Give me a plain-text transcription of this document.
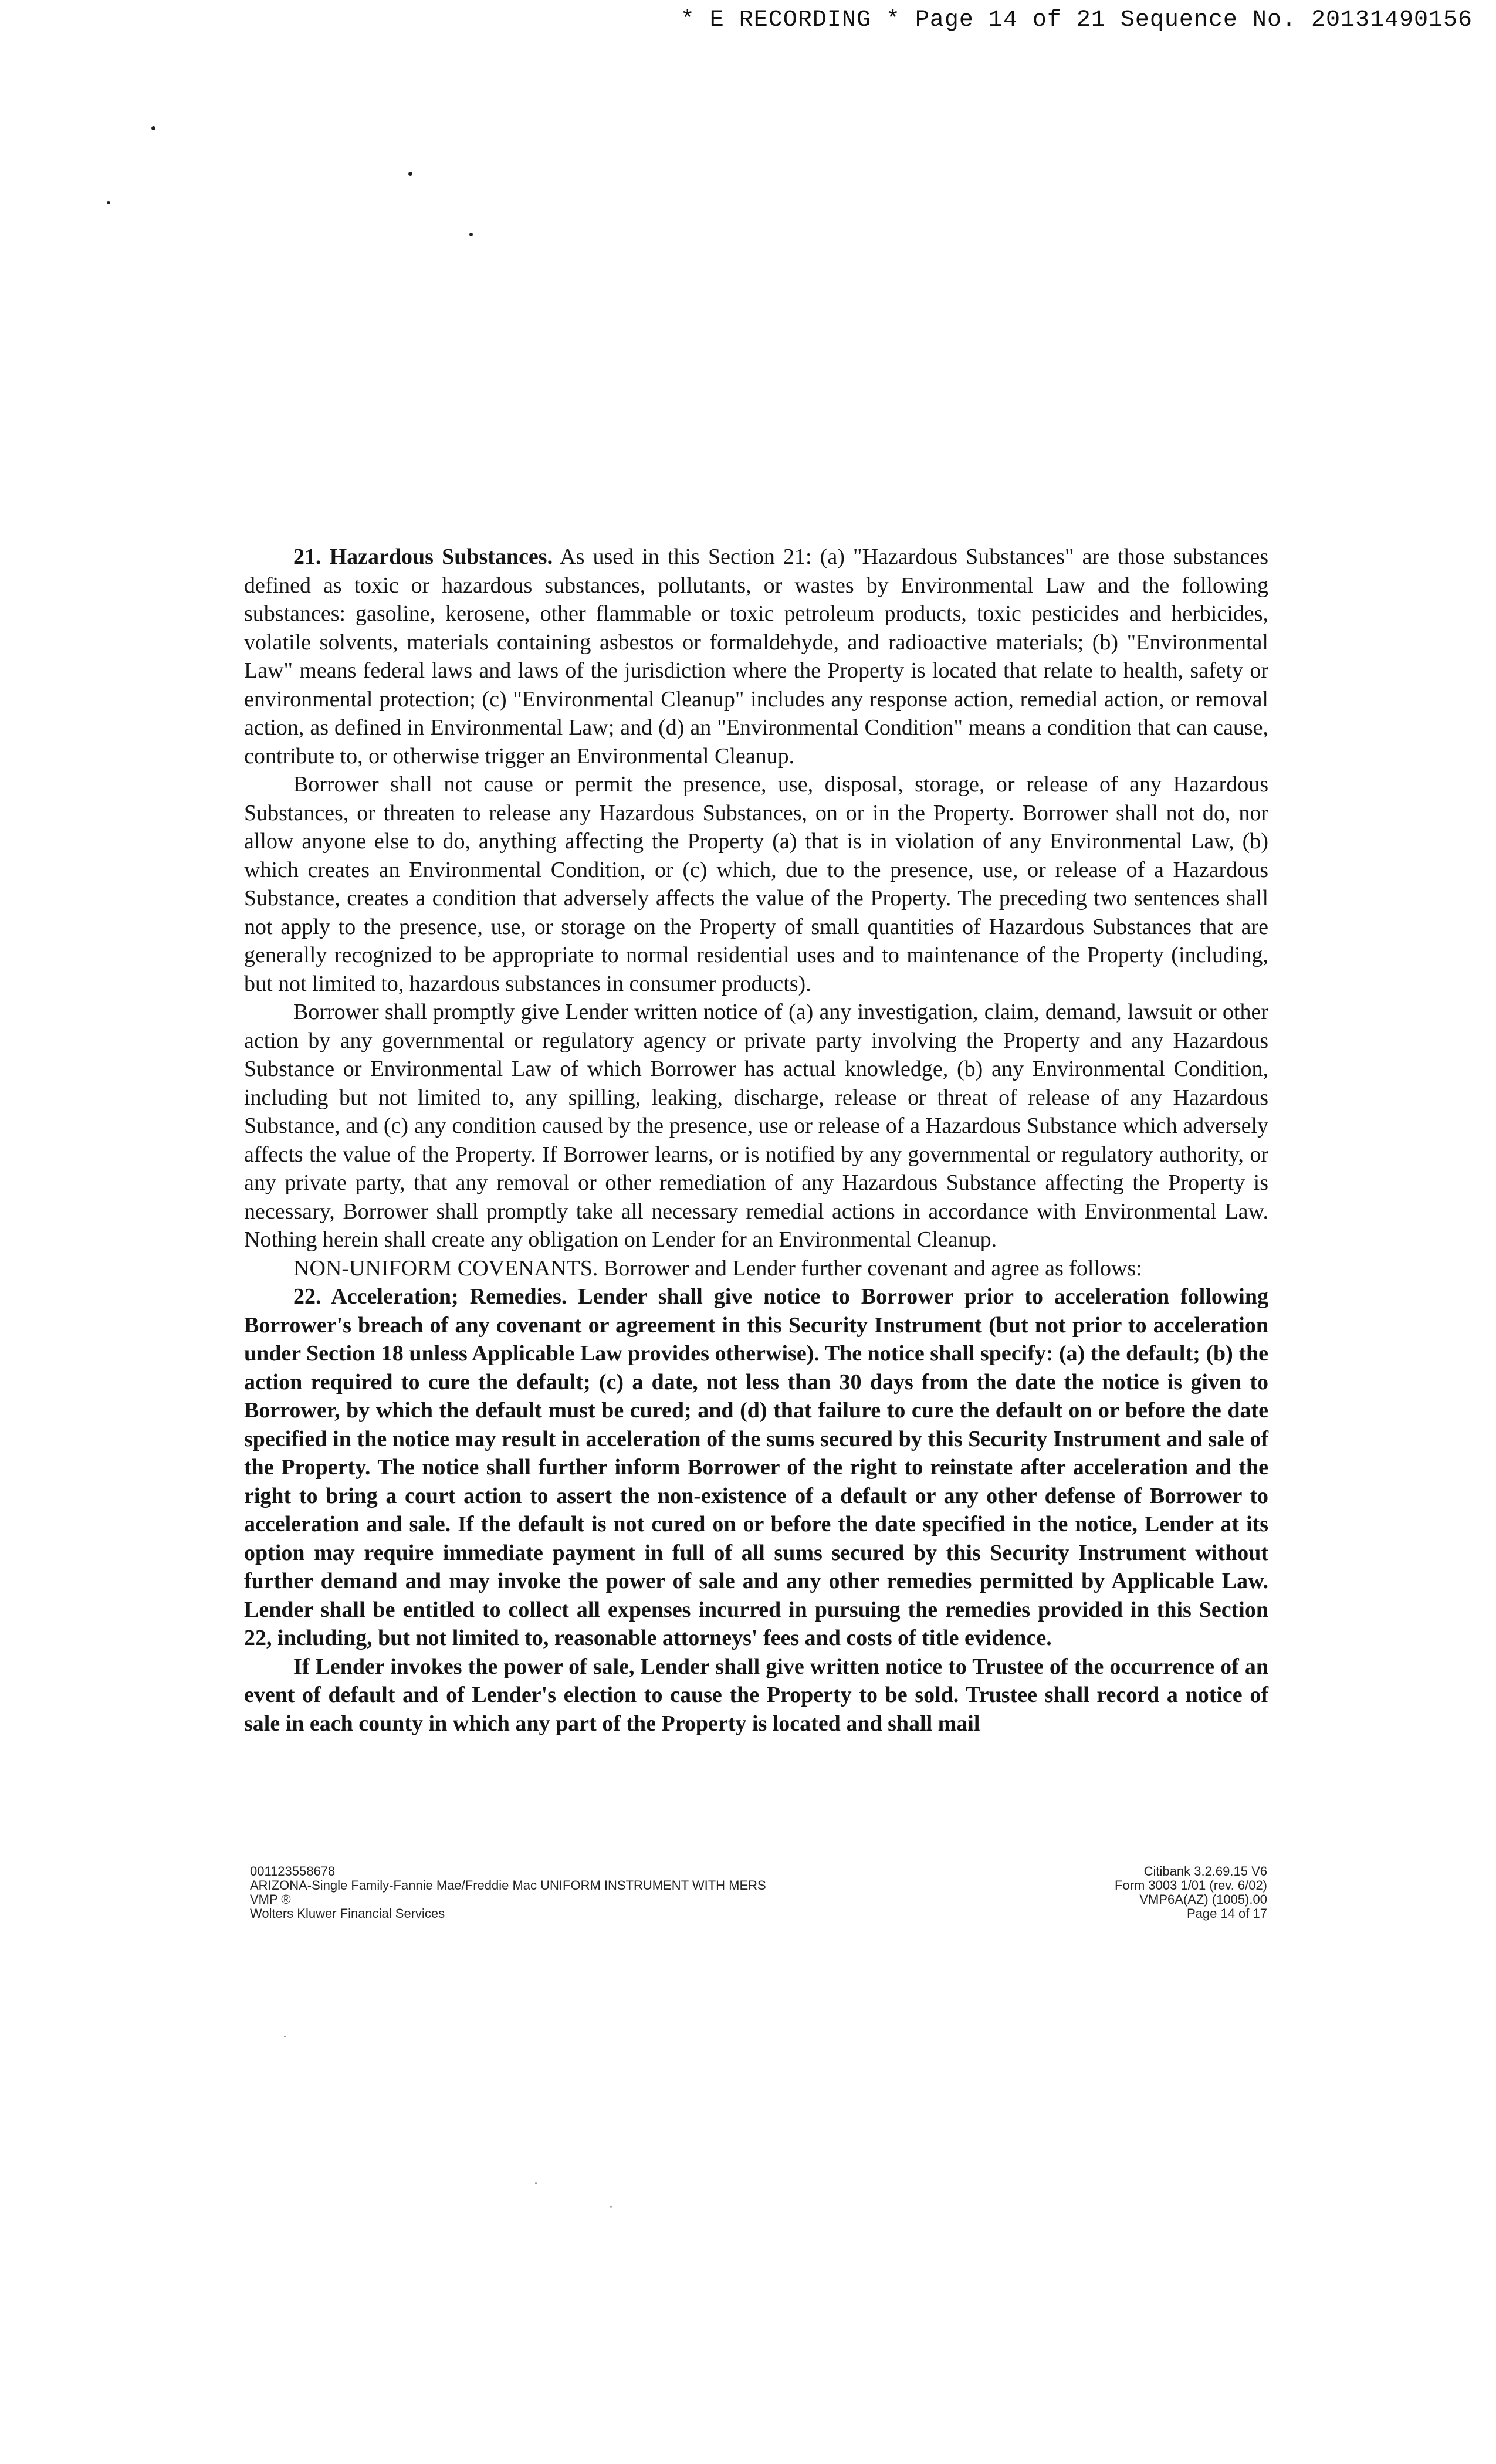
* E RECORDING * Page 14 of 21 Sequence No. 20131490156

21. Hazardous Substances. As used in this Section 21: (a) "Hazardous Substances" are those substances defined as toxic or hazardous substances, pollutants, or wastes by Environmental Law and the following substances: gasoline, kerosene, other flammable or toxic petroleum products, toxic pesticides and herbicides, volatile solvents, materials containing asbestos or formaldehyde, and radioactive materials; (b) "Environmental Law" means federal laws and laws of the jurisdiction where the Property is located that relate to health, safety or environmental protection; (c) "Environmental Cleanup" includes any response action, remedial action, or removal action, as defined in Environmental Law; and (d) an "Environmental Condition" means a condition that can cause, contribute to, or otherwise trigger an Environmental Cleanup.

Borrower shall not cause or permit the presence, use, disposal, storage, or release of any Hazardous Substances, or threaten to release any Hazardous Substances, on or in the Property. Borrower shall not do, nor allow anyone else to do, anything affecting the Property (a) that is in violation of any Environmental Law, (b) which creates an Environmental Condition, or (c) which, due to the presence, use, or release of a Hazardous Substance, creates a condition that adversely affects the value of the Property. The preceding two sentences shall not apply to the presence, use, or storage on the Property of small quantities of Hazardous Substances that are generally recognized to be appropriate to normal residential uses and to maintenance of the Property (including, but not limited to, hazardous substances in consumer products).

Borrower shall promptly give Lender written notice of (a) any investigation, claim, demand, lawsuit or other action by any governmental or regulatory agency or private party involving the Property and any Hazardous Substance or Environmental Law of which Borrower has actual knowledge, (b) any Environmental Condition, including but not limited to, any spilling, leaking, discharge, release or threat of release of any Hazardous Substance, and (c) any condition caused by the presence, use or release of a Hazardous Substance which adversely affects the value of the Property. If Borrower learns, or is notified by any governmental or regulatory authority, or any private party, that any removal or other remediation of any Hazardous Substance affecting the Property is necessary, Borrower shall promptly take all necessary remedial actions in accordance with Environmental Law. Nothing herein shall create any obligation on Lender for an Environmental Cleanup.

NON-UNIFORM COVENANTS. Borrower and Lender further covenant and agree as follows:

22. Acceleration; Remedies. Lender shall give notice to Borrower prior to acceleration following Borrower's breach of any covenant or agreement in this Security Instrument (but not prior to acceleration under Section 18 unless Applicable Law provides otherwise). The notice shall specify: (a) the default; (b) the action required to cure the default; (c) a date, not less than 30 days from the date the notice is given to Borrower, by which the default must be cured; and (d) that failure to cure the default on or before the date specified in the notice may result in acceleration of the sums secured by this Security Instrument and sale of the Property. The notice shall further inform Borrower of the right to reinstate after acceleration and the right to bring a court action to assert the non-existence of a default or any other defense of Borrower to acceleration and sale. If the default is not cured on or before the date specified in the notice, Lender at its option may require immediate payment in full of all sums secured by this Security Instrument without further demand and may invoke the power of sale and any other remedies permitted by Applicable Law. Lender shall be entitled to collect all expenses incurred in pursuing the remedies provided in this Section 22, including, but not limited to, reasonable attorneys' fees and costs of title evidence.

If Lender invokes the power of sale, Lender shall give written notice to Trustee of the occurrence of an event of default and of Lender's election to cause the Property to be sold. Trustee shall record a notice of sale in each county in which any part of the Property is located and shall mail

001123558678
ARIZONA-Single Family-Fannie Mae/Freddie Mac UNIFORM INSTRUMENT WITH MERS
VMP ®
Wolters Kluwer Financial Services
Citibank 3.2.69.15 V6
Form 3003 1/01 (rev. 6/02)
VMP6A(AZ) (1005).00
Page 14 of 17
